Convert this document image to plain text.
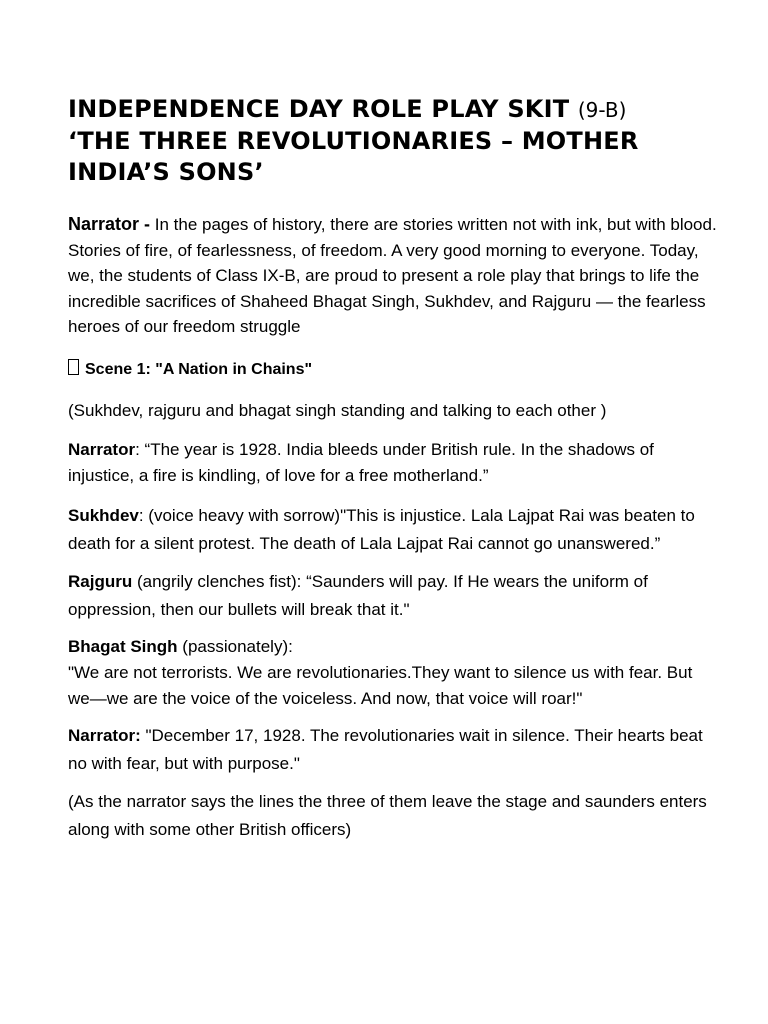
INDEPENDENCE DAY ROLE PLAY SKIT (9-B)
‘THE THREE REVOLUTIONARIES – MOTHER
INDIA’S SONS’

Narrator - In the pages of history, there are stories written not with ink, but with blood. Stories of fire, of fearlessness, of freedom. A very good morning to everyone. Today, we, the students of Class IX-B, are proud to present a role play that brings to life the incredible sacrifices of Shaheed Bhagat Singh, Sukhdev, and Rajguru — the fearless heroes of our freedom struggle

Scene 1: "A Nation in Chains"

(Sukhdev, rajguru and bhagat singh standing and talking to each other )

Narrator: “The year is 1928. India bleeds under British rule. In the shadows of injustice, a fire is kindling, of love for a free motherland.”

Sukhdev: (voice heavy with sorrow)"This is injustice. Lala Lajpat Rai was beaten to death for a silent protest. The death of Lala Lajpat Rai cannot go unanswered.”

Rajguru (angrily clenches fist): “Saunders will pay. If He wears the uniform of oppression, then our bullets will break that it."

Bhagat Singh (passionately):
"We are not terrorists. We are revolutionaries.They want to silence us with fear. But we—we are the voice of the voiceless. And now, that voice will roar!"

Narrator: "December 17, 1928. The revolutionaries wait in silence. Their hearts beat no with fear, but with purpose."

(As the narrator says the lines the three of them leave the stage and saunders enters along with some other British officers)
